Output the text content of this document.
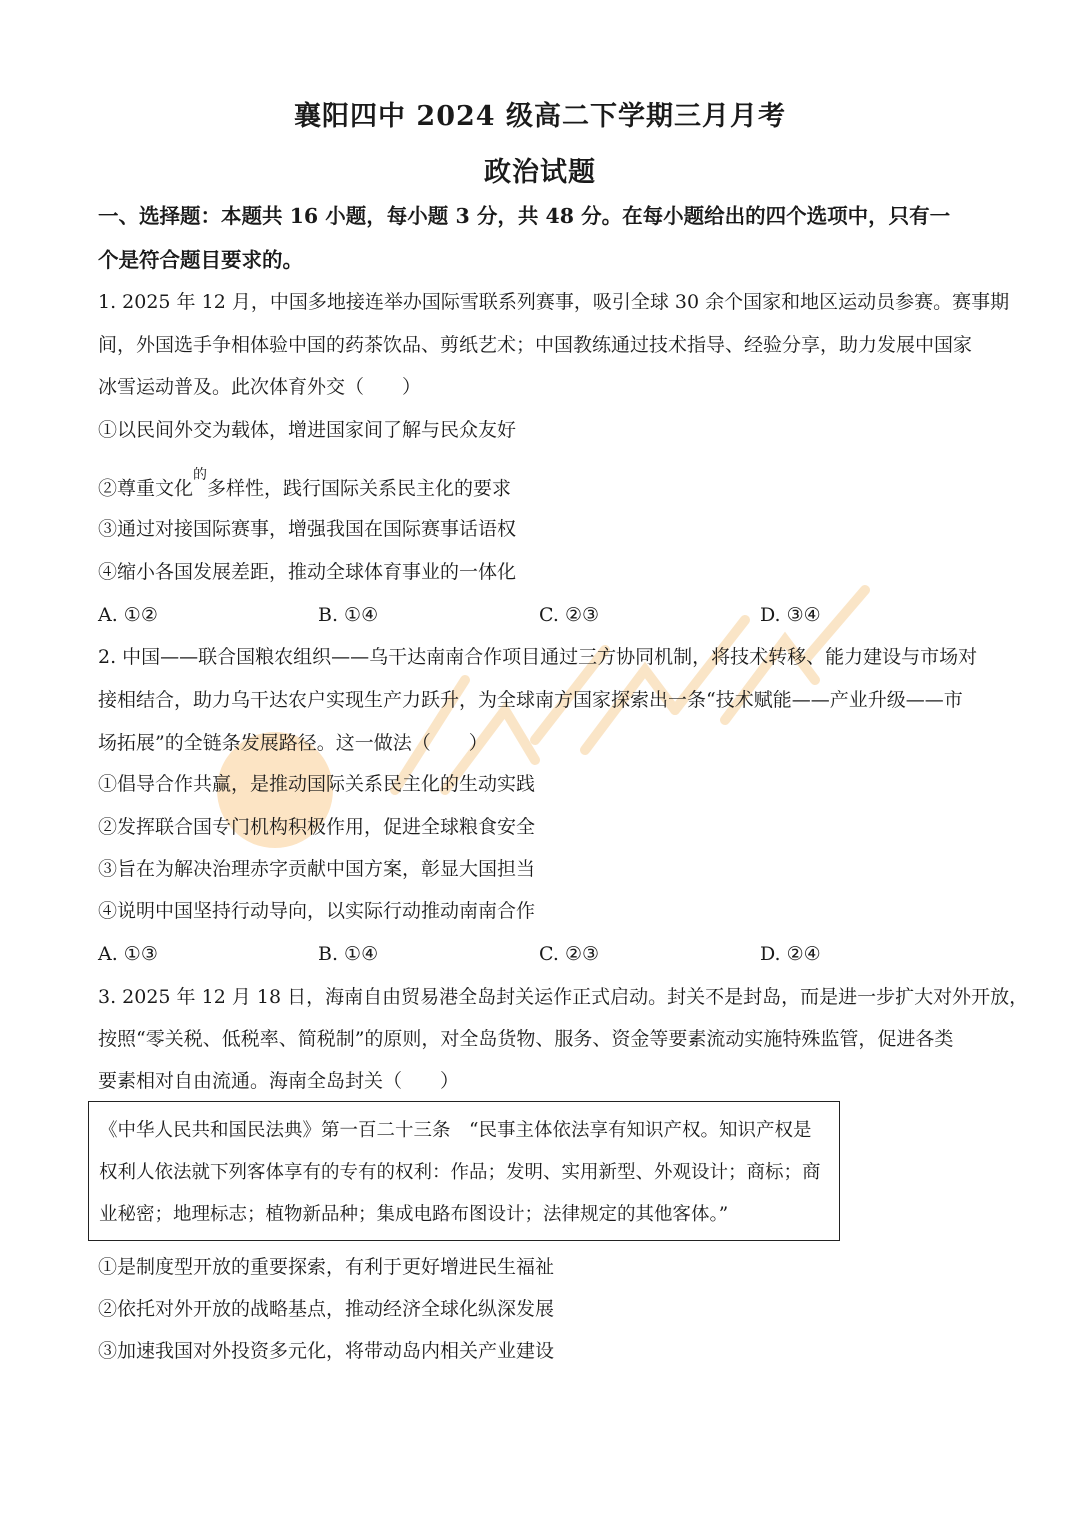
襄阳四中 2024 级高二下学期三月月考
政治试题
一、选择题：本题共 16 小题，每小题 3 分，共 48 分。在每小题给出的四个选项中，只有一
个是符合题目要求的。
1. 2025 年 12 月，中国多地接连举办国际雪联系列赛事，吸引全球 30 余个国家和地区运动员参赛。赛事期
间，外国选手争相体验中国的药茶饮品、剪纸艺术；中国教练通过技术指导、经验分享，助力发展中国家
冰雪运动普及。此次体育外交（　　）
①以民间外交为载体，增进国家间了解与民众友好
②尊重文化$^的$多样性，践行国际关系民主化的要求
③通过对接国际赛事，增强我国在国际赛事话语权
④缩小各国发展差距，推动全球体育事业的一体化
A. ①②	B. ①④	C. ②③	D. ③④
2. 中国——联合国粮农组织——乌干达南南合作项目通过三方协同机制，将技术转移、能力建设与市场对
接相结合，助力乌干达农户实现生产力跃升，为全球南方国家探索出一条“技术赋能——产业升级——市
场拓展”的全链条发展路径。这一做法（　　）
①倡导合作共赢，是推动国际关系民主化的生动实践
②发挥联合国专门机构积极作用，促进全球粮食安全
③旨在为解决治理赤字贡献中国方案，彰显大国担当
④说明中国坚持行动导向，以实际行动推动南南合作
A. ①③	B. ①④	C. ②③	D. ②④
3. 2025 年 12 月 18 日，海南自由贸易港全岛封关运作正式启动。封关不是封岛，而是进一步扩大对外开放，
按照“零关税、低税率、简税制”的原则，对全岛货物、服务、资金等要素流动实施特殊监管，促进各类
要素相对自由流通。海南全岛封关（　　）
《中华人民共和国民法典》第一百二十三条　“民事主体依法享有知识产权。知识产权是
权利人依法就下列客体享有的专有的权利：作品；发明、实用新型、外观设计；商标；商
业秘密；地理标志；植物新品种；集成电路布图设计；法律规定的其他客体。”
①是制度型开放的重要探索，有利于更好增进民生福祉
②依托对外开放的战略基点，推动经济全球化纵深发展
③加速我国对外投资多元化，将带动岛内相关产业建设
